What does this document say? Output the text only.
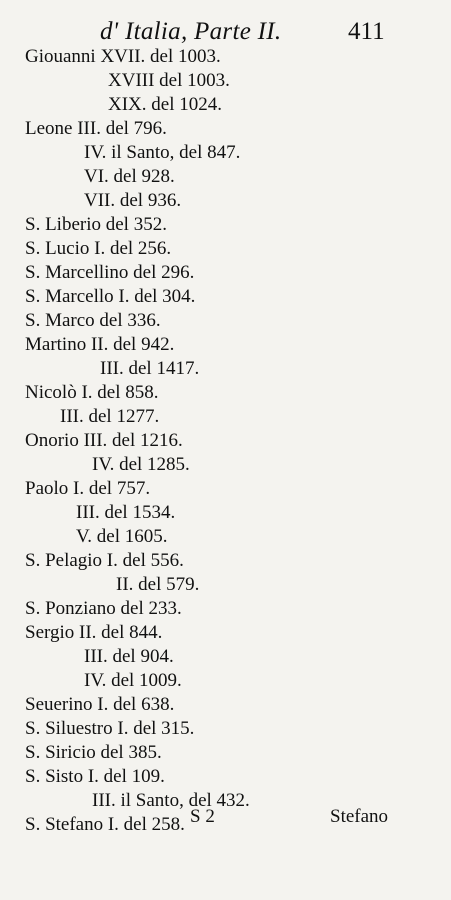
d' Italia, Parte II.	411
Giouanni XVII. del 1003.
XVIII del 1003.
XIX. del 1024.
Leone III. del 796.
IV. il Santo, del 847.
VI. del 928.
VII. del 936.
S. Liberio del 352.
S. Lucio I. del 256.
S. Marcellino del 296.
S. Marcello I. del 304.
S. Marco del 336.
Martino II. del 942.
III. del 1417.
Nicolò I. del 858.
III. del 1277.
Onorio III. del 1216.
IV. del 1285.
Paolo I. del 757.
III. del 1534.
V. del 1605.
S. Pelagio I. del 556.
II. del 579.
S. Ponziano del 233.
Sergio II. del 844.
III. del 904.
IV. del 1009.
Seuerino I. del 638.
S. Siluestro I. del 315.
S. Siricio del 385.
S. Sisto I. del 109.
III. il Santo, del 432.
S. Stefano I. del 258. S 2	Stefano
